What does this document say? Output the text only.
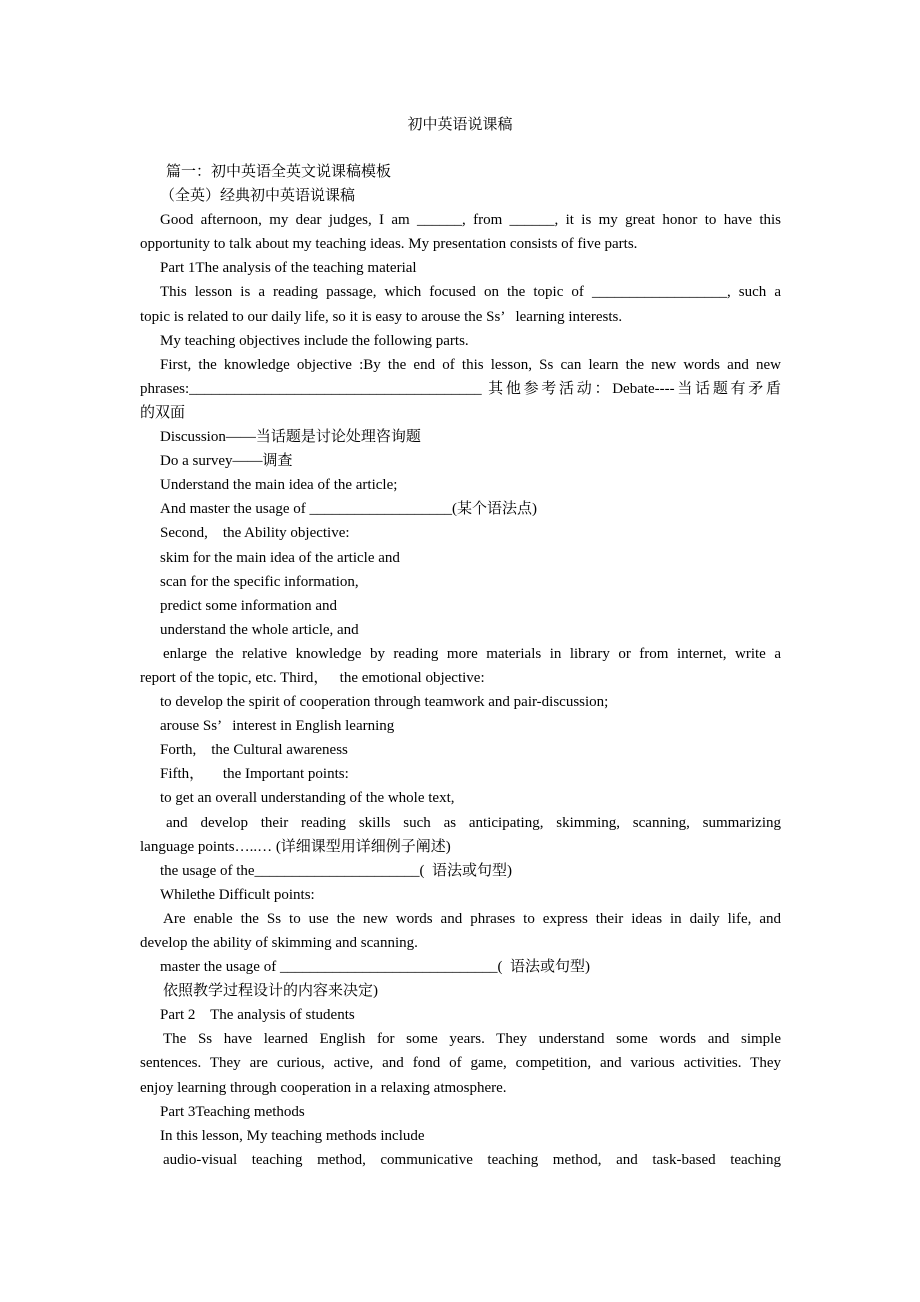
初中英语说课稿
篇一：初中英语全英文说课稿模板
（全英）经典初中英语说课稿
Good afternoon, my dear judges, I am ______, from ______, it is my great honor to have this
opportunity to talk about my teaching ideas. My presentation consists of five parts.
Part 1The analysis of the teaching material
This lesson is a reading passage, which focused on the topic of __________________, such a
topic is related to our daily life, so it is easy to arouse the Ss’   learning interests.
My teaching objectives include the following parts.
First, the knowledge objective :By the end of this lesson, Ss can learn the new words and new
phrases:_______________________________________ 其他参考活动：Debate----当话题有矛盾
的双面
Discussion——当话题是讨论处理咨询题
Do a survey——调查
Understand the main idea of the article;
And master the usage of ___________________(某个语法点)
Second,    the Ability objective:
skim for the main idea of the article and
scan for the specific information,
predict some information and
understand the whole article, and
enlarge the relative knowledge by reading more materials in library or from internet, write a
report of the topic, etc. Third，   the emotional objective:
to develop the spirit of cooperation through teamwork and pair-discussion;
arouse Ss’   interest in English learning
Forth,    the Cultural awareness
Fifth，     the Important points:
to get an overall understanding of the whole text,
and develop their reading skills such as anticipating, skimming, scanning, summarizing
language points…..… (详细课型用详细例子阐述)
the usage of the______________________(  语法或句型)
Whilethe Difficult points:
Are enable the Ss to use the new words and phrases to express their ideas in daily life, and
develop the ability of skimming and scanning.
master the usage of _____________________________(  语法或句型)
依照教学过程设计的内容来决定)
Part 2    The analysis of students
The Ss have learned English for some years. They understand some words and simple
sentences. They are curious, active, and fond of game, competition, and various activities. They
enjoy learning through cooperation in a relaxing atmosphere.
Part 3Teaching methods
In this lesson, My teaching methods include
audio-visual teaching method, communicative teaching method, and task-based teaching
